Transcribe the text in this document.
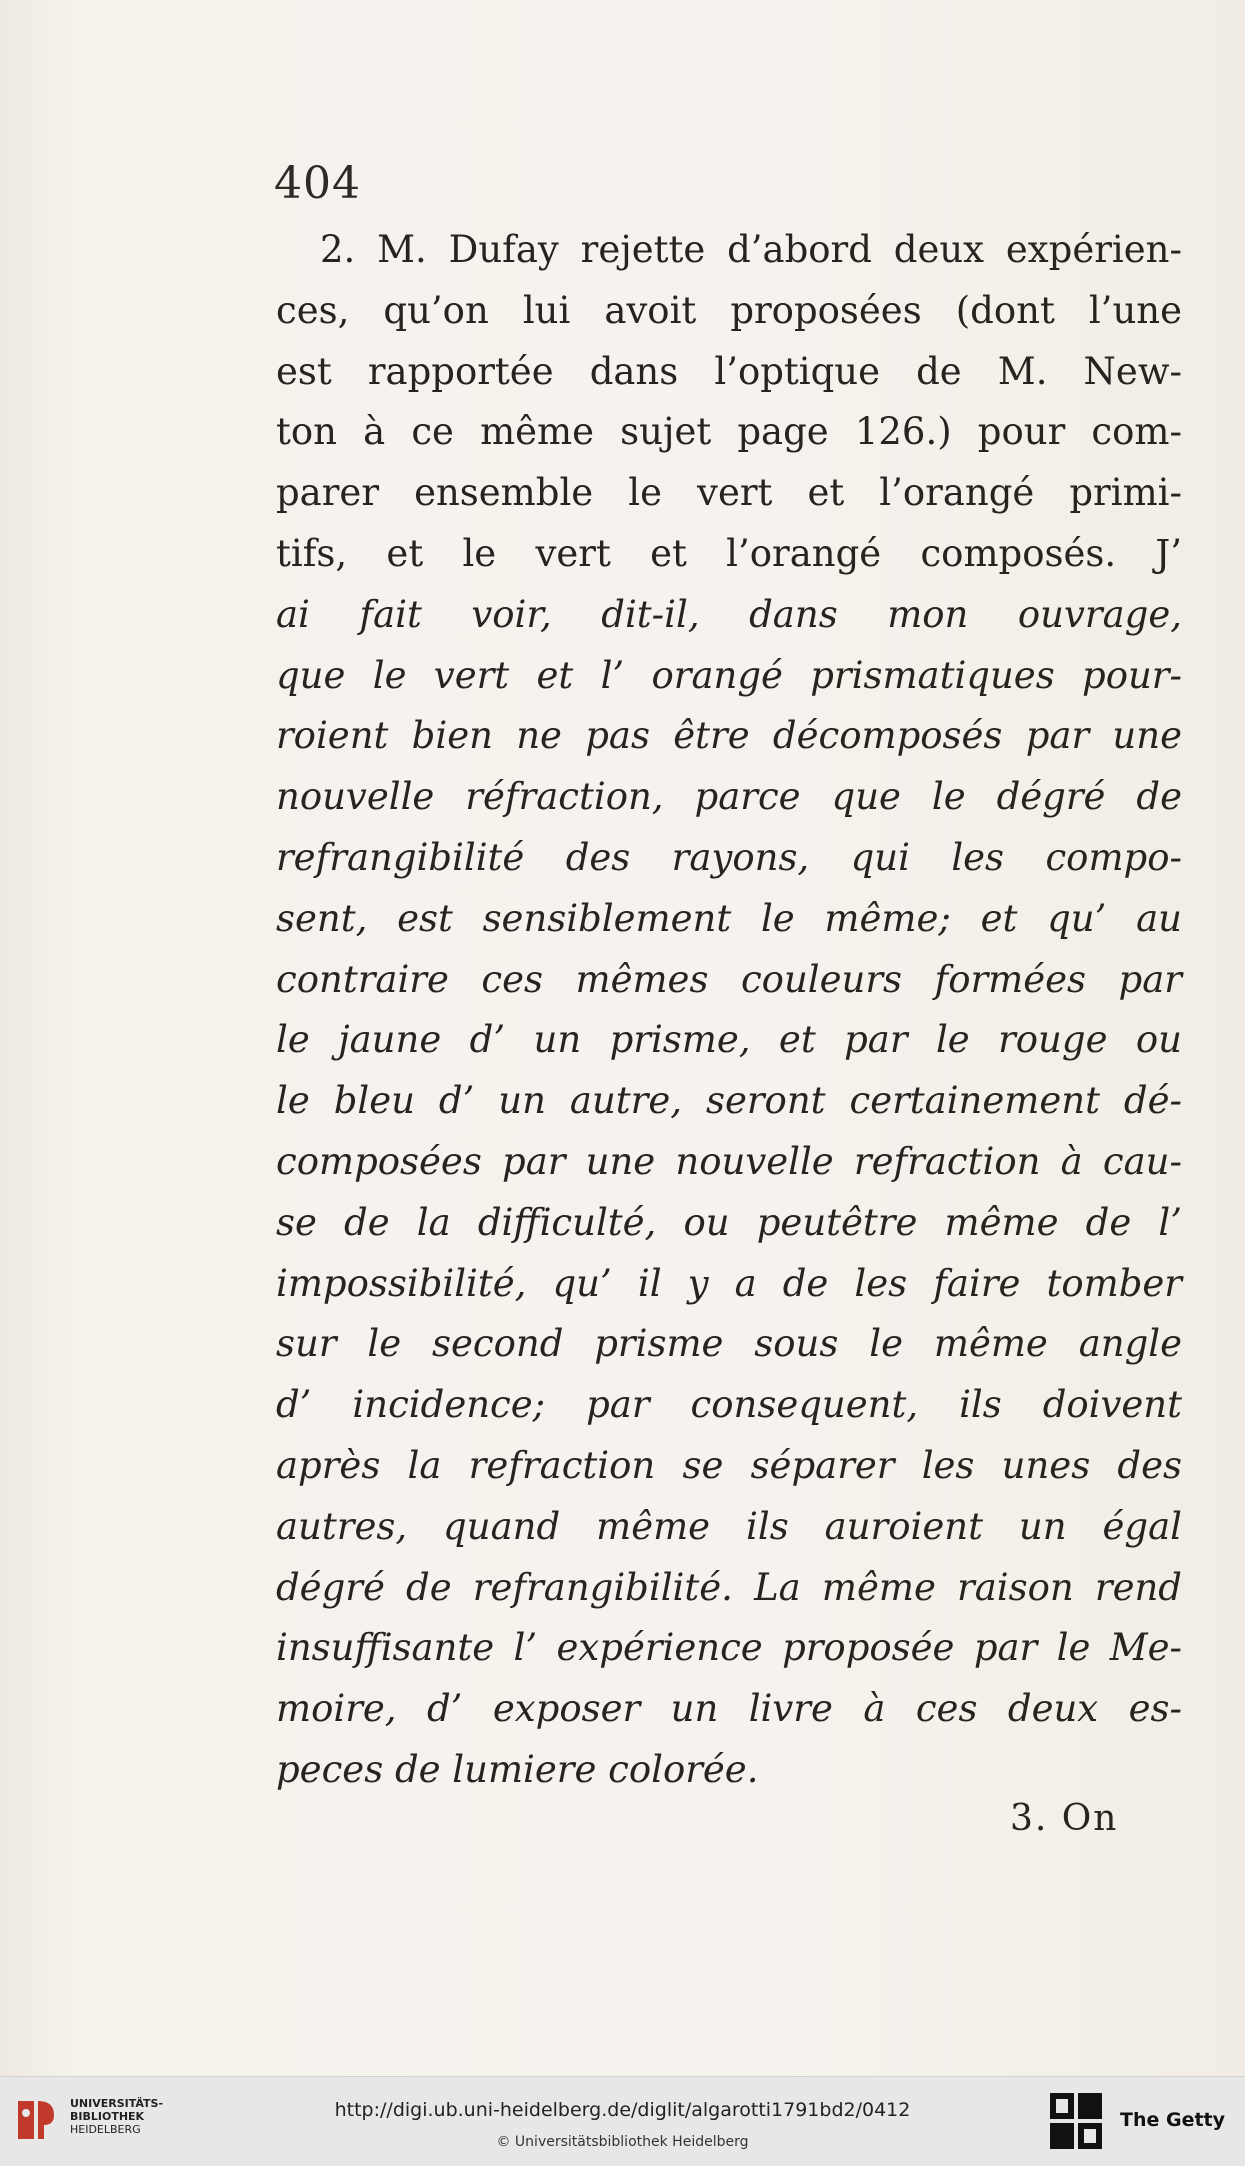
404
2. M. Dufay rejette d’abord deux expérien-
ces, qu’on lui avoit proposées (dont l’une
est rapportée dans l’optique de M. New-
ton à ce même sujet page 126.) pour com-
parer ensemble le vert et l’orangé primi-
tifs, et le vert et l’orangé composés. J’
ai fait voir, dit-il, dans mon ouvrage,
que le vert et l’ orangé prismatiques pour-
roient bien ne pas être décomposés par une
nouvelle réfraction, parce que le dégré de
refrangibilité des rayons, qui les compo-
sent, est sensiblement le même; et qu’ au
contraire ces mêmes couleurs formées par
le jaune d’ un prisme, et par le rouge ou
le bleu d’ un autre, seront certainement dé-
composées par une nouvelle refraction à cau-
se de la difficulté, ou peutêtre même de l’
impossibilité, qu’ il y a de les faire tomber
sur le second prisme sous le même angle
d’ incidence; par consequent, ils doivent
après la refraction se séparer les unes des
autres, quand même ils auroient un égal
dégré de refrangibilité. La même raison rend
insuffisante l’ expérience proposée par le Me-
moire, d’ exposer un livre à ces deux es-
peces de lumiere colorée.
3. On
UNIVERSITÄTS-
BIBLIOTHEK
HEIDELBERG
http://digi.ub.uni-heidelberg.de/diglit/algarotti1791bd2/0412
© Universitätsbibliothek Heidelberg
The Getty
